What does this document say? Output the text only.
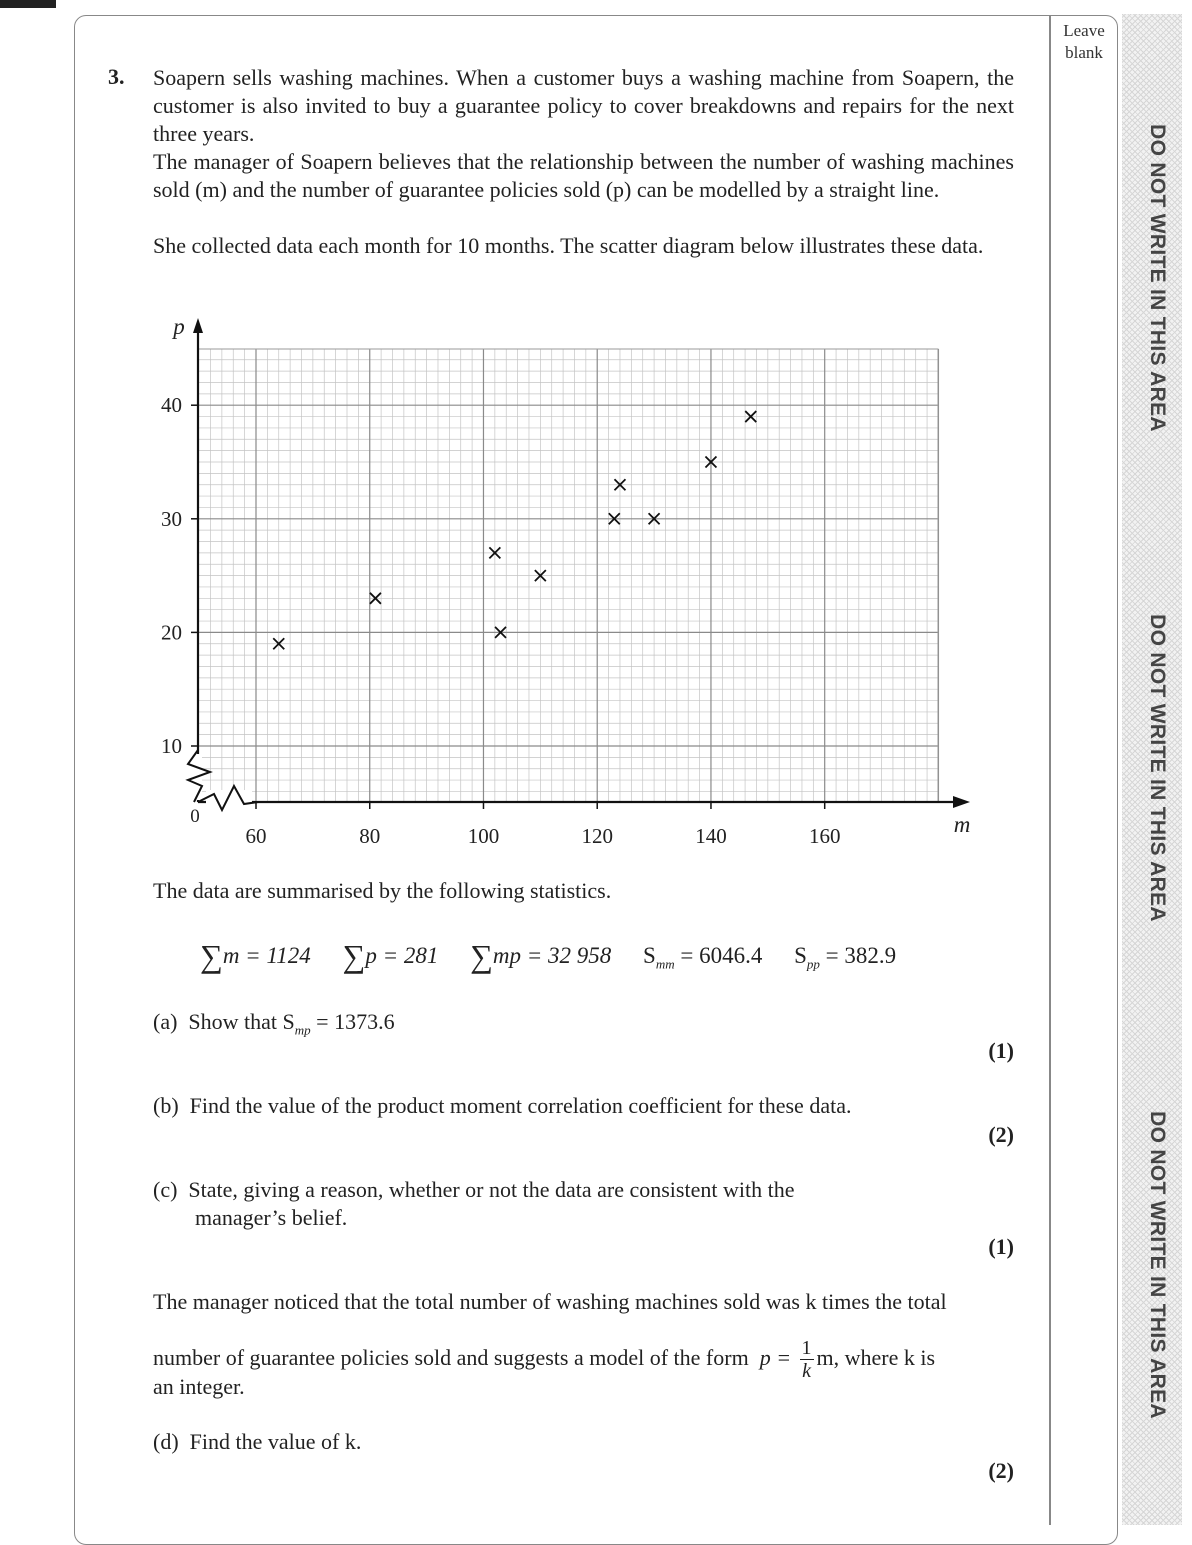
Leave blank
DO NOT WRITE IN THIS AREA
DO NOT WRITE IN THIS AREA
DO NOT WRITE IN THIS AREA
3. Soapern sells washing machines. When a customer buys a washing machine from Soapern, the customer is also invited to buy a guarantee policy to cover breakdowns and repairs for the next three years.

The manager of Soapern believes that the relationship between the number of washing machines sold (m) and the number of guarantee policies sold (p) can be modelled by a straight line.

She collected data each month for 10 months. The scatter diagram below illustrates these data.

60	80	100	120	140	160
10
20
30
40
0
p
m
The data are summarised by the following statistics.
∑m = 1124 ∑p = 281 ∑mp = 32 958 $S_{mm} = 6046.4$ $S_{pp} = 382.9$
(a) Show that $S_{mp} = 1373.6$
(1)
(b) Find the value of the product moment correlation coefficient for these data.
(2)
(c) State, giving a reason, whether or not the data are consistent with the
manager’s belief.
(1)
The manager noticed that the total number of washing machines sold was k times the total
number of guarantee policies sold and suggests a model of the form $p = \frac{1}{k} m$, where k is
an integer.
(d) Find the value of k.
(2)
